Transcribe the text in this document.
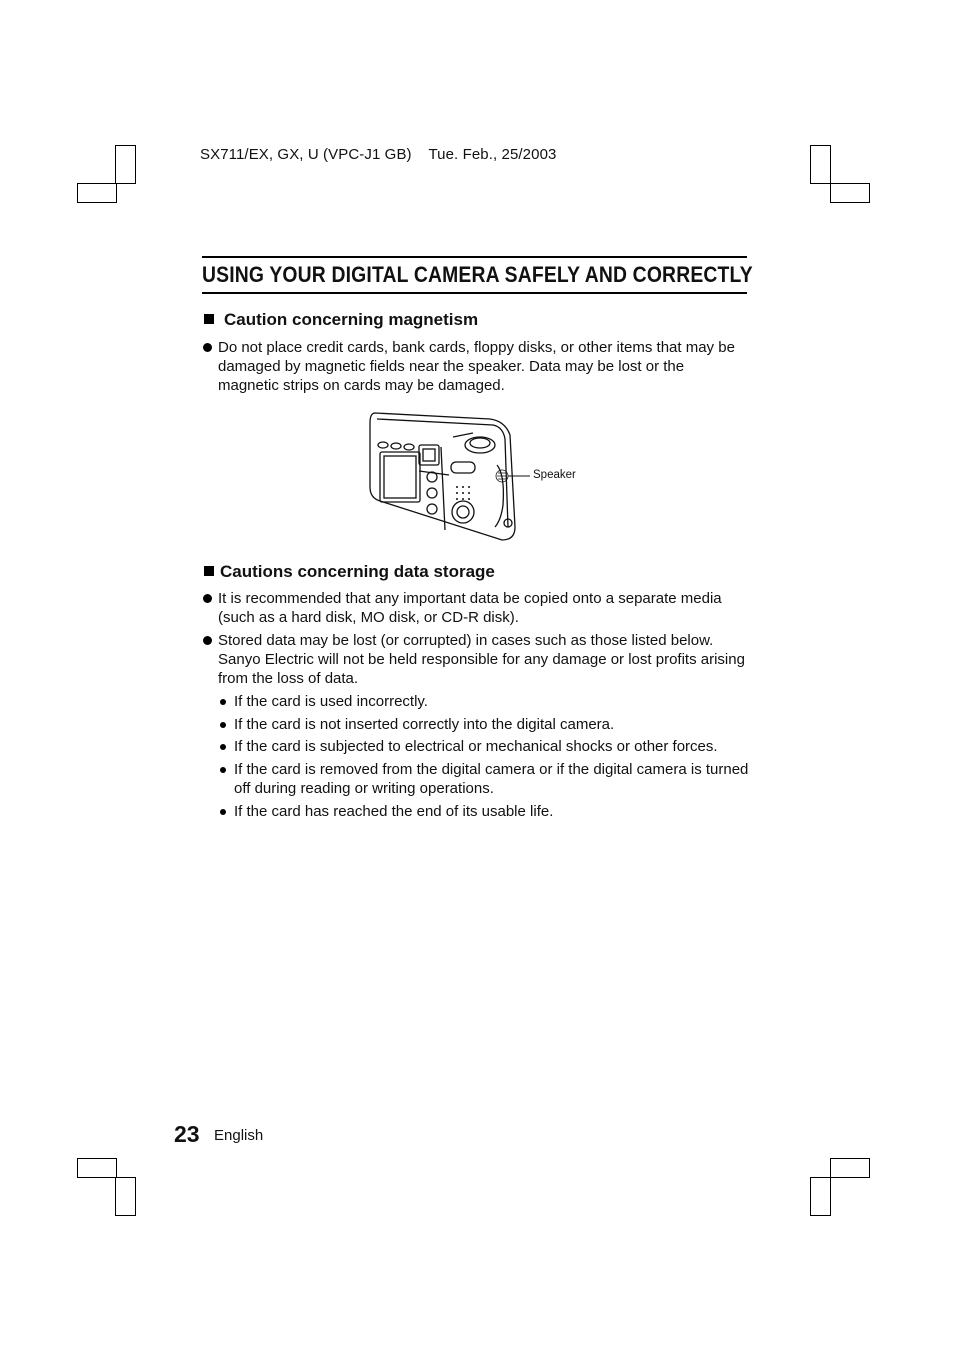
SX711/EX, GX, U (VPC-J1 GB)    Tue. Feb., 25/2003
USING YOUR DIGITAL CAMERA SAFELY AND CORRECTLY
Caution concerning magnetism
Do not place credit cards, bank cards, floppy disks, or other items that may be damaged by magnetic fields near the speaker. Data may be lost or the magnetic strips on cards may be damaged.
Speaker
Cautions concerning data storage
It is recommended that any important data be copied onto a separate media (such as a hard disk, MO disk, or CD-R disk).
Stored data may be lost (or corrupted) in cases such as those listed below. Sanyo Electric will not be held responsible for any damage or lost profits arising from the loss of data.
If the card is used incorrectly.
If the card is not inserted correctly into the digital camera.
If the card is subjected to electrical or mechanical shocks or other forces.
If the card is removed from the digital camera or if the digital camera is turned off during reading or writing operations.
If the card has reached the end of its usable life.
23 English
